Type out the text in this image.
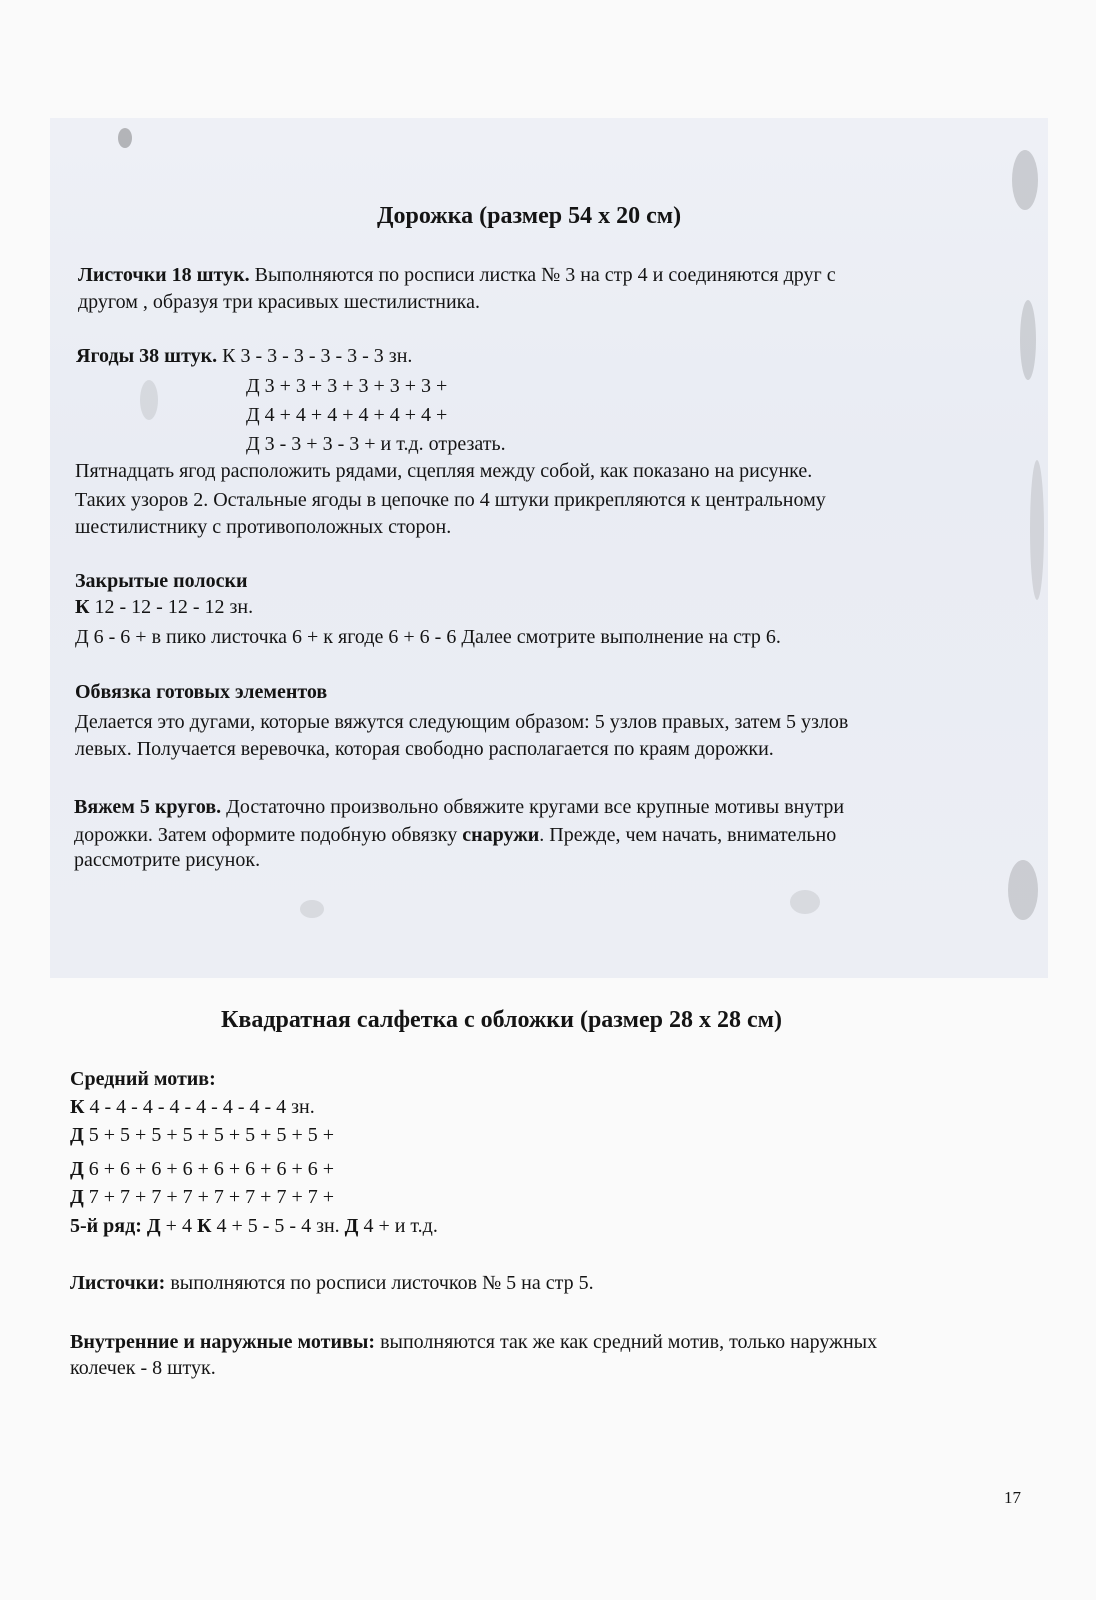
Дорожка (размер 54 х 20 см)
Листочки 18 штук. Выполняются по росписи листка № 3 на стр 4 и соединяются друг с
другом , образуя три красивых шестилистника.
Ягоды 38 штук. К 3 - 3 - 3 - 3 - 3 - 3 зн.
Д 3 + 3 + 3 + 3 + 3 + 3 +
Д 4 + 4 + 4 + 4 + 4 + 4 +
Д 3 - 3 + 3 - 3 + и т.д. отрезать.
Пятнадцать ягод расположить рядами, сцепляя между собой, как показано на рисунке.
Таких узоров 2. Остальные ягоды в цепочке по 4 штуки прикрепляются к центральному
шестилистнику с противоположных сторон.
Закрытые полоски
К 12 - 12 - 12 - 12 зн.
Д 6 - 6 + в пико листочка 6 + к ягоде 6 + 6 - 6 Далее смотрите выполнение на стр 6.
Обвязка готовых элементов
Делается это дугами, которые вяжутся следующим образом: 5 узлов правых, затем 5 узлов
левых. Получается веревочка, которая свободно располагается по краям дорожки.
Вяжем 5 кругов. Достаточно произвольно обвяжите кругами все крупные мотивы внутри
дорожки. Затем оформите подобную обвязку снаружи. Прежде, чем начать, внимательно
рассмотрите рисунок.
Квадратная салфетка с обложки (размер 28 х 28 см)
Средний мотив:
К 4 - 4 - 4 - 4 - 4 - 4 - 4 - 4 зн.
Д 5 + 5 + 5 + 5 + 5 + 5 + 5 + 5 +
Д 6 + 6 + 6 + 6 + 6 + 6 + 6 + 6 +
Д 7 + 7 + 7 + 7 + 7 + 7 + 7 + 7 +
5-й ряд: Д + 4 К 4 + 5 - 5 - 4 зн. Д 4 + и т.д.
Листочки: выполняются по росписи листочков № 5 на стр 5.
Внутренние и наружные мотивы: выполняются так же как средний мотив, только наружных
колечек - 8 штук.
17
